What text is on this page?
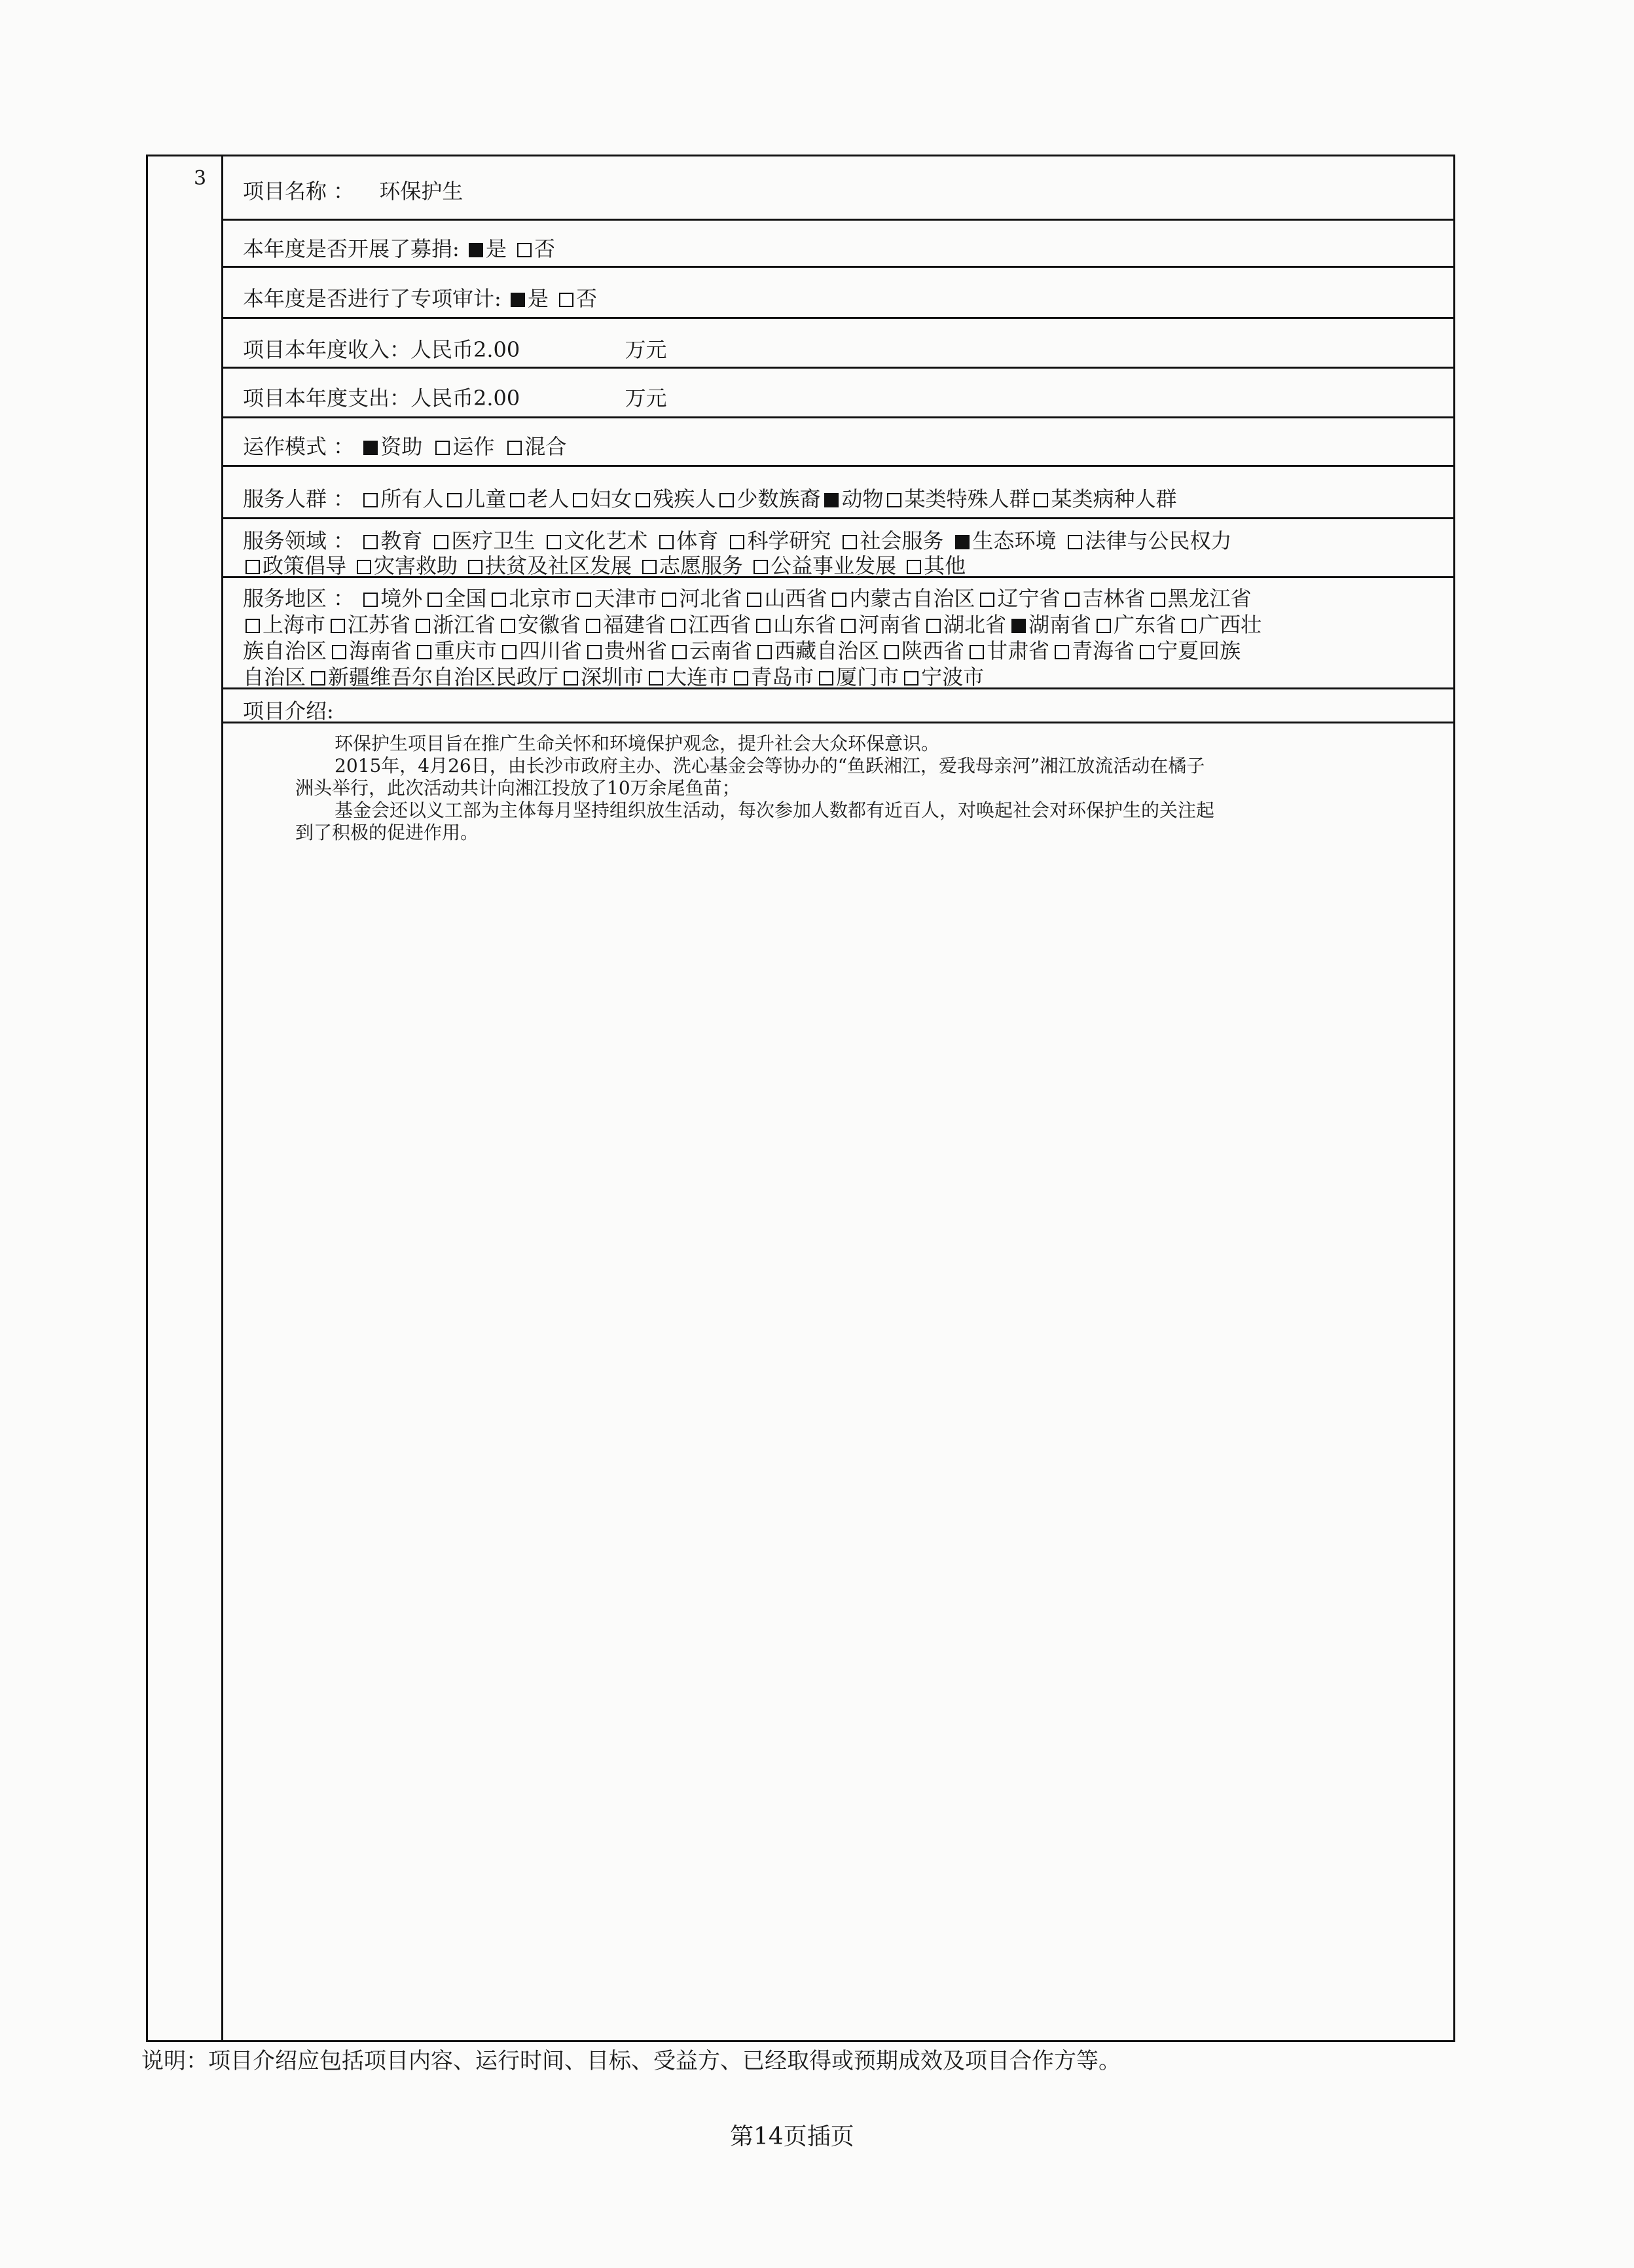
3
项目名称 ： 环保护生
本年度是否开展了募捐: 是 否
本年度是否进行了专项审计: 是 否
项目本年度收入：人民币2.00	万元
项目本年度支出：人民币2.00	万元
运作模式 ： 资助 运作 混合
服务人群 ： 所有人 儿童 老人 妇女 残疾人 少数族裔 动物 某类特殊人群 某类病种人群
服务领域 ： 教育 医疗卫生 文化艺术 体育 科学研究 社会服务 生态环境 法律与公民权力
政策倡导 灾害救助 扶贫及社区发展 志愿服务 公益事业发展 其他
服务地区 ： 境外 全国 北京市 天津市 河北省 山西省 内蒙古自治区 辽宁省 吉林省 黑龙江省
上海市 江苏省 浙江省 安徽省 福建省 江西省 山东省 河南省 湖北省 湖南省 广东省 广西壮
族自治区 海南省 重庆市 四川省 贵州省 云南省 西藏自治区 陕西省 甘肃省 青海省 宁夏回族
自治区 新疆维吾尔自治区民政厅 深圳市 大连市 青岛市 厦门市 宁波市
项目介绍:
环保护生项目旨在推广生命关怀和环境保护观念，提升社会大众环保意识。
2015年，4月26日，由长沙市政府主办、洗心基金会等协办的“鱼跃湘江，爱我母亲河”湘江放流活动在橘子
洲头举行，此次活动共计向湘江投放了10万余尾鱼苗；
基金会还以义工部为主体每月坚持组织放生活动，每次参加人数都有近百人，对唤起社会对环保护生的关注起
到了积极的促进作用。
说明：项目介绍应包括项目内容、运行时间、目标、受益方、已经取得或预期成效及项目合作方等。
第14页插页
